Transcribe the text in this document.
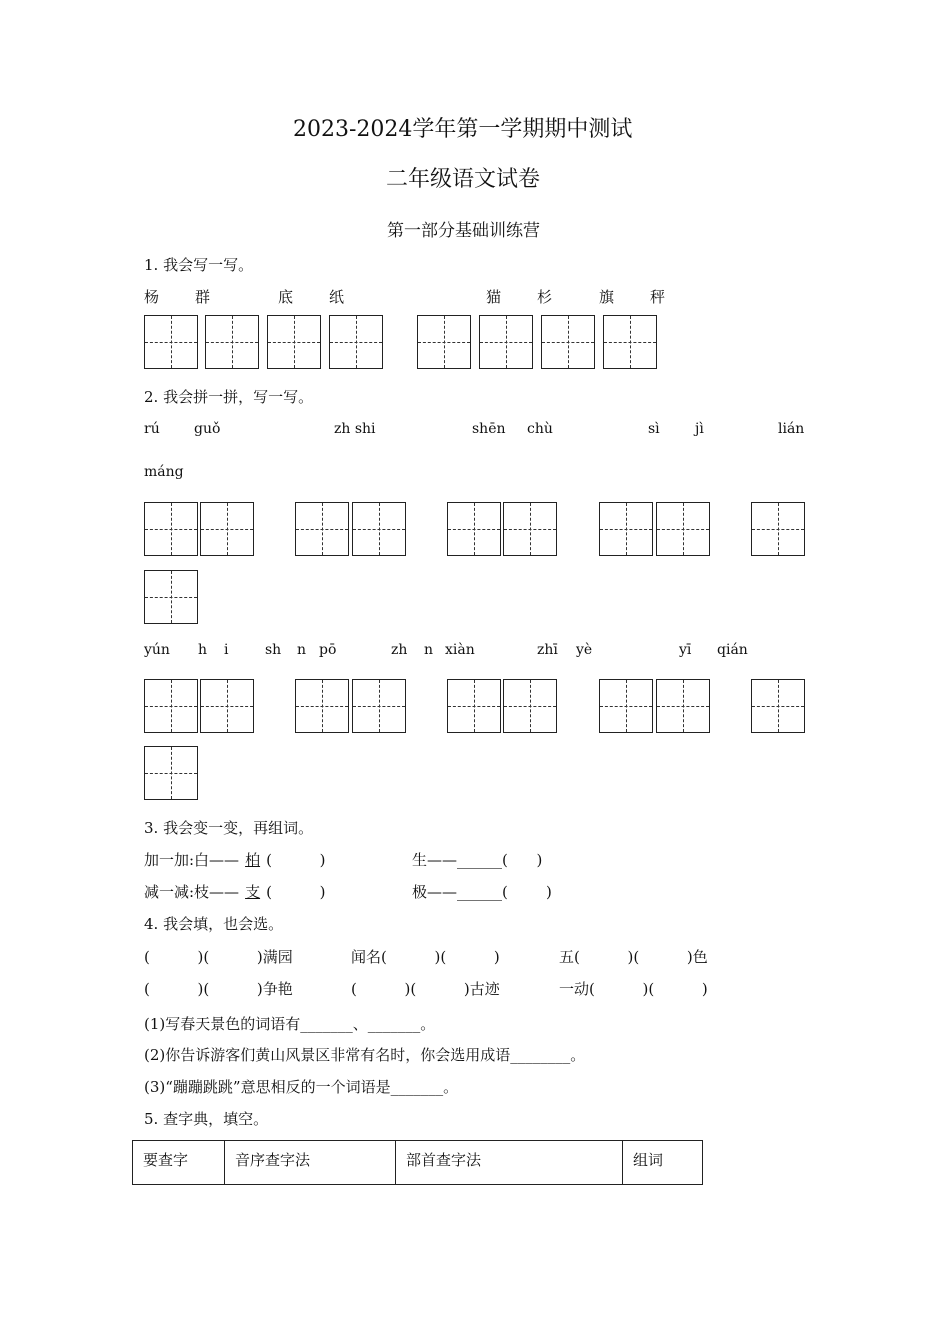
2023-2024学年第一学期期中测试
二年级语文试卷
第一部分基础训练营
1. 我会写一写。
杨 群	底 纸	猫 杉	旗 秤
2. 我会拼一拼，写一写。
rú guǒ	zh shi	shēn chù	sì	jì	lián
máng
yún h i	sh n pō	zh n xiàn	zhī yè	yī qián
3. 我会变一变，再组词。
加一加:白—— 柏 (          )	生——______(      )
减一减:枝—— 支 (          )	极——______(        )
4. 我会填，也会选。
(          )(          )满园	闻名(          )(          )	五(          )(          )色
(          )(          )争艳	(          )(          )古迹	一动(          )(          )
(1)写春天景色的词语有_______、_______。
(2)你告诉游客们黄山风景区非常有名时，你会选用成语________。
(3)“蹦蹦跳跳”意思相反的一个词语是_______。
5. 查字典，填空。
要查字	音序查字法	部首查字法	组词
